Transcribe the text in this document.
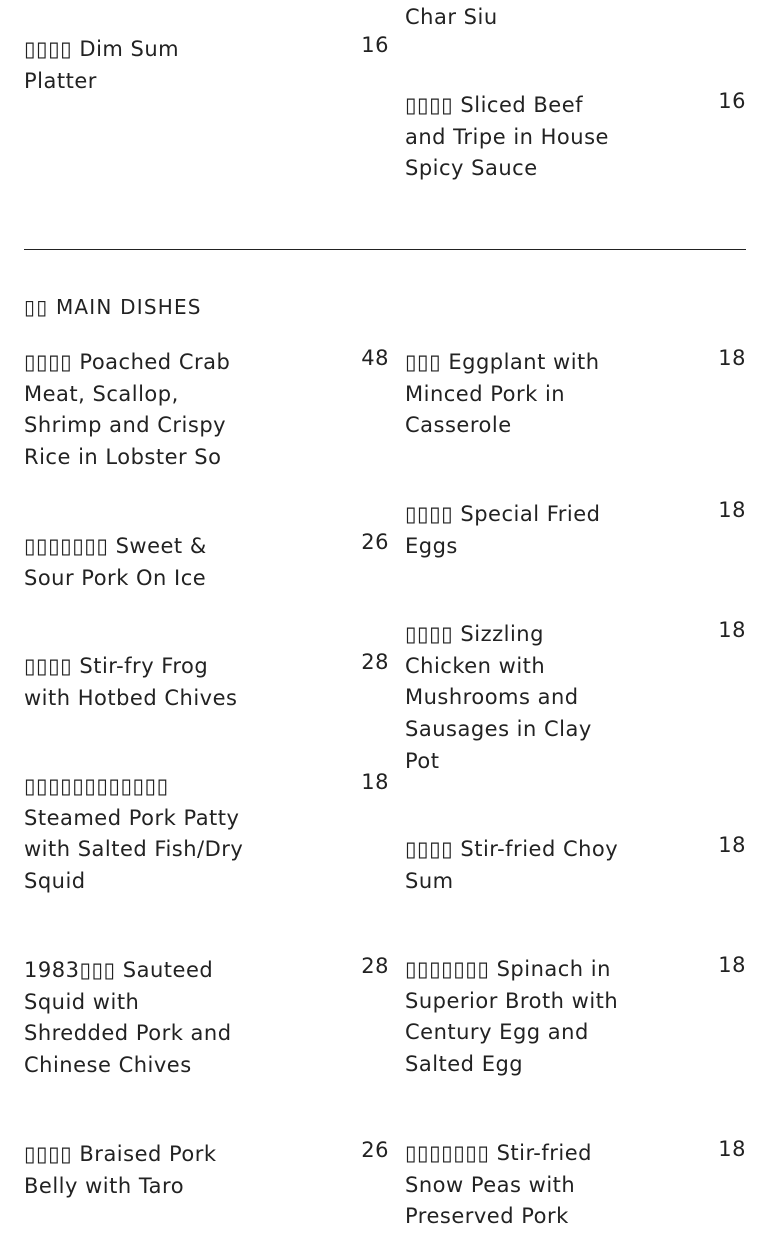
▯▯▯▯ Dim Sum Platter
16
Char Siu
▯▯▯▯ Sliced Beef and Tripe in House Spicy Sauce
16
▯▯ MAIN DISHES
▯▯▯▯ Poached Crab Meat, Scallop, Shrimp and Crispy Rice in Lobster So
48
▯▯▯▯▯▯▯ Sweet & Sour Pork On Ice
26
▯▯▯▯ Stir-fry Frog with Hotbed Chives
28
▯▯▯▯▯▯▯▯▯▯▯▯ Steamed Pork Patty with Salted Fish/Dry Squid
18
1983▯▯▯ Sauteed Squid with Shredded Pork and Chinese Chives
28
▯▯▯▯ Braised Pork Belly with Taro
26
▯▯▯ Eggplant with Minced Pork in Casserole
18
▯▯▯▯ Special Fried Eggs
18
▯▯▯▯ Sizzling Chicken with Mushrooms and Sausages in Clay Pot
18
▯▯▯▯ Stir-fried Choy Sum
18
▯▯▯▯▯▯▯ Spinach in Superior Broth with Century Egg and Salted Egg
18
▯▯▯▯▯▯▯ Stir-fried Snow Peas with Preserved Pork
18
